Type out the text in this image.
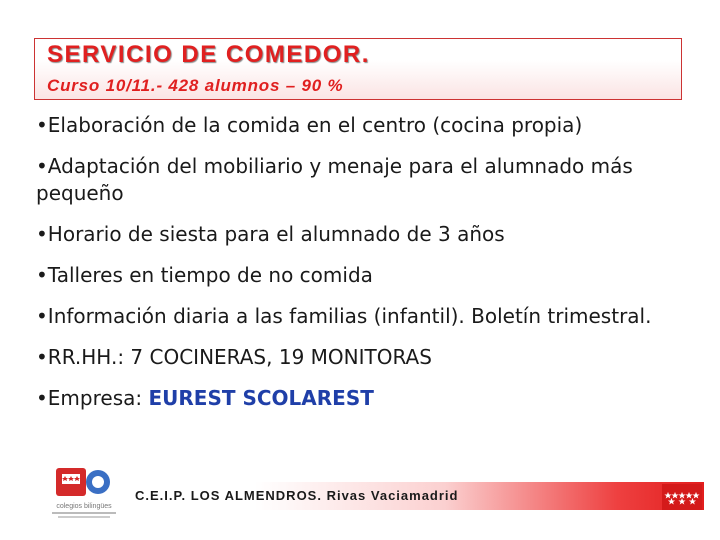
SERVICIO DE COMEDOR.
Curso 10/11.- 428 alumnos – 90 %
•Elaboración de la comida en el centro (cocina propia)
•Adaptación del mobiliario y menaje para el alumnado más pequeño
•Horario de siesta para el alumnado de 3 años
•Talleres en tiempo de no comida
•Información diaria a las familias (infantil). Boletín trimestral.
•RR.HH.: 7 COCINERAS, 19 MONITORAS
•Empresa: EUREST SCOLAREST
C.E.I.P. LOS ALMENDROS. Rivas Vaciamadrid
colegios bilingües
